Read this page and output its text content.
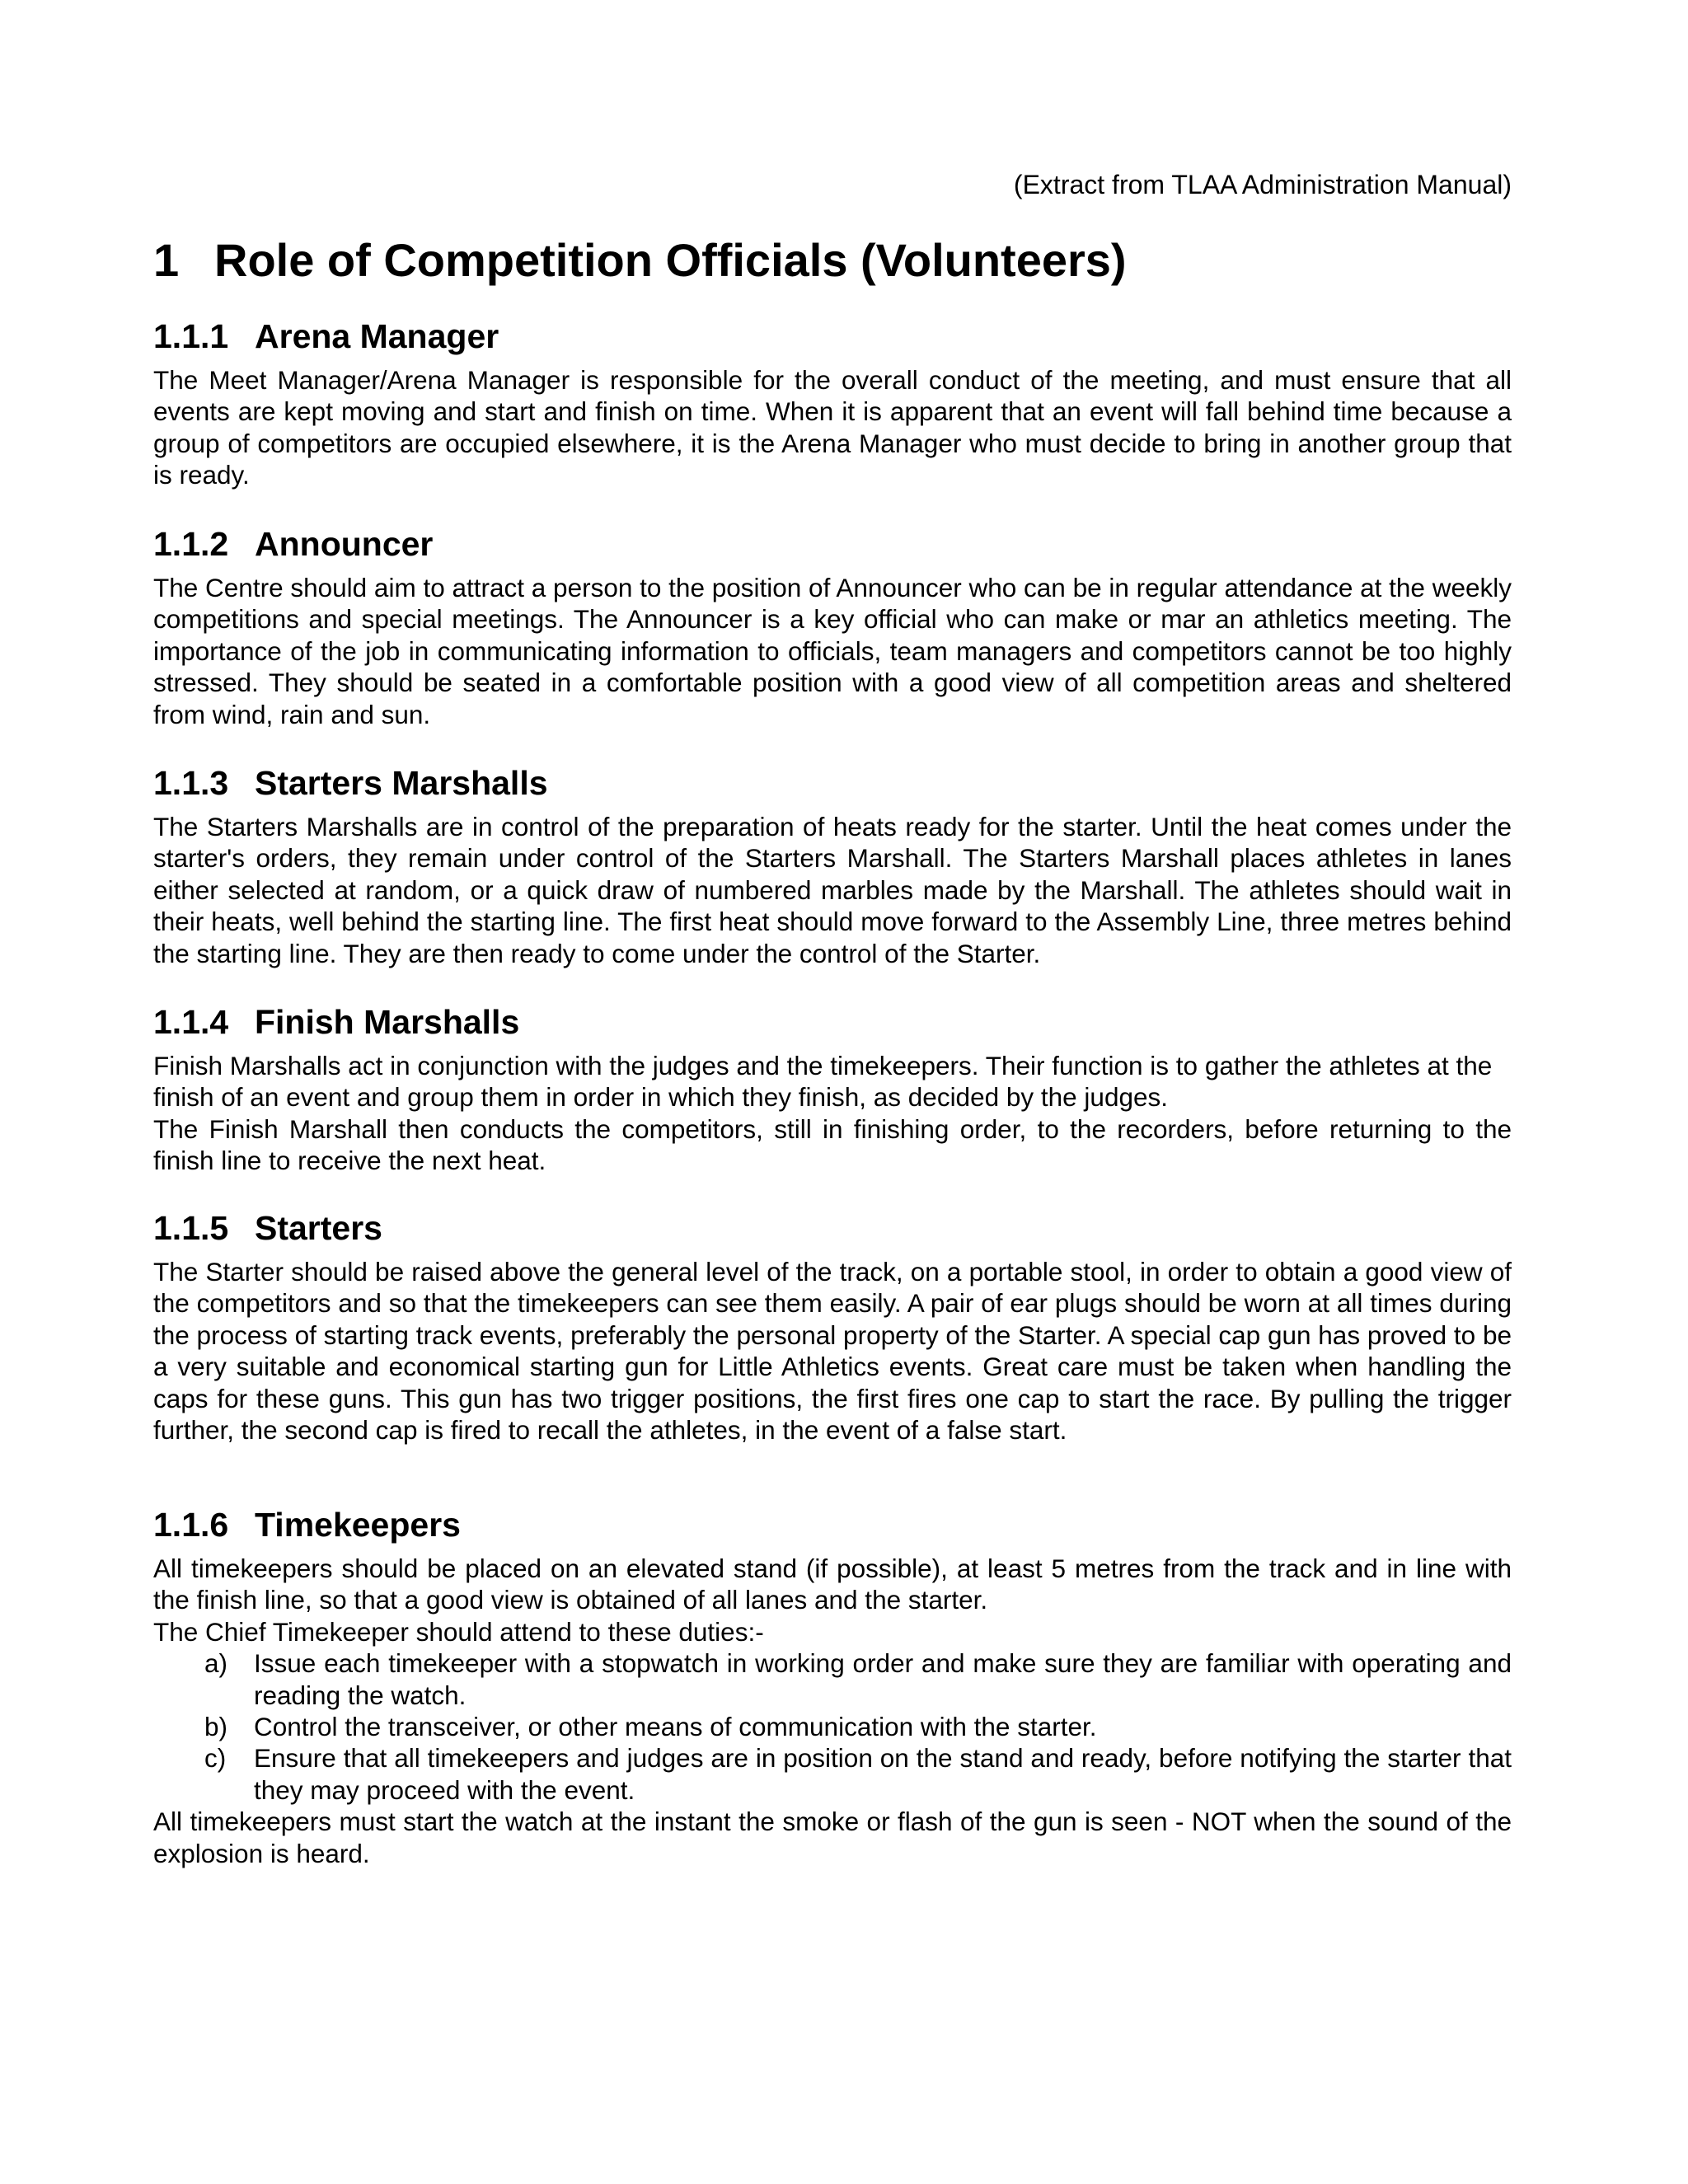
(Extract from TLAA Administration Manual)
1 Role of Competition Officials (Volunteers)
1.1.1 Arena Manager

The Meet Manager/Arena Manager is responsible for the overall conduct of the meeting, and must ensure that all events are kept moving and start and finish on time. When it is apparent that an event will fall behind time because a group of competitors are occupied elsewhere, it is the Arena Manager who must decide to bring in another group that is ready.

1.1.2 Announcer

The Centre should aim to attract a person to the position of Announcer who can be in regular attendance at the weekly competitions and special meetings. The Announcer is a key official who can make or mar an athletics meeting. The importance of the job in communicating information to officials, team managers and competitors cannot be too highly stressed. They should be seated in a comfortable position with a good view of all competition areas and sheltered from wind, rain and sun.

1.1.3 Starters Marshalls

The Starters Marshalls are in control of the preparation of heats ready for the starter. Until the heat comes under the starter's orders, they remain under control of the Starters Marshall. The Starters Marshall places athletes in lanes either selected at random, or a quick draw of numbered marbles made by the Marshall. The athletes should wait in their heats, well behind the starting line. The first heat should move forward to the Assembly Line, three metres behind the starting line. They are then ready to come under the control of the Starter.

1.1.4 Finish Marshalls

Finish Marshalls act in conjunction with the judges and the timekeepers. Their function is to gather the athletes at the finish of an event and group them in order in which they finish, as decided by the judges.

The Finish Marshall then conducts the competitors, still in finishing order, to the recorders, before returning to the finish line to receive the next heat.

1.1.5 Starters

The Starter should be raised above the general level of the track, on a portable stool, in order to obtain a good view of the competitors and so that the timekeepers can see them easily. A pair of ear plugs should be worn at all times during the process of starting track events, preferably the personal property of the Starter. A special cap gun has proved to be a very suitable and economical starting gun for Little Athletics events. Great care must be taken when handling the caps for these guns. This gun has two trigger positions, the first fires one cap to start the race. By pulling the trigger further, the second cap is fired to recall the athletes, in the event of a false start.

1.1.6 Timekeepers

All timekeepers should be placed on an elevated stand (if possible), at least 5 metres from the track and in line with the finish line, so that a good view is obtained of all lanes and the starter.

The Chief Timekeeper should attend to these duties:-

a) Issue each timekeeper with a stopwatch in working order and make sure they are familiar with operating and reading the watch.
b) Control the transceiver, or other means of communication with the starter.
c) Ensure that all timekeepers and judges are in position on the stand and ready, before notifying the starter that they may proceed with the event.

All timekeepers must start the watch at the instant the smoke or flash of the gun is seen - NOT when the sound of the explosion is heard.
